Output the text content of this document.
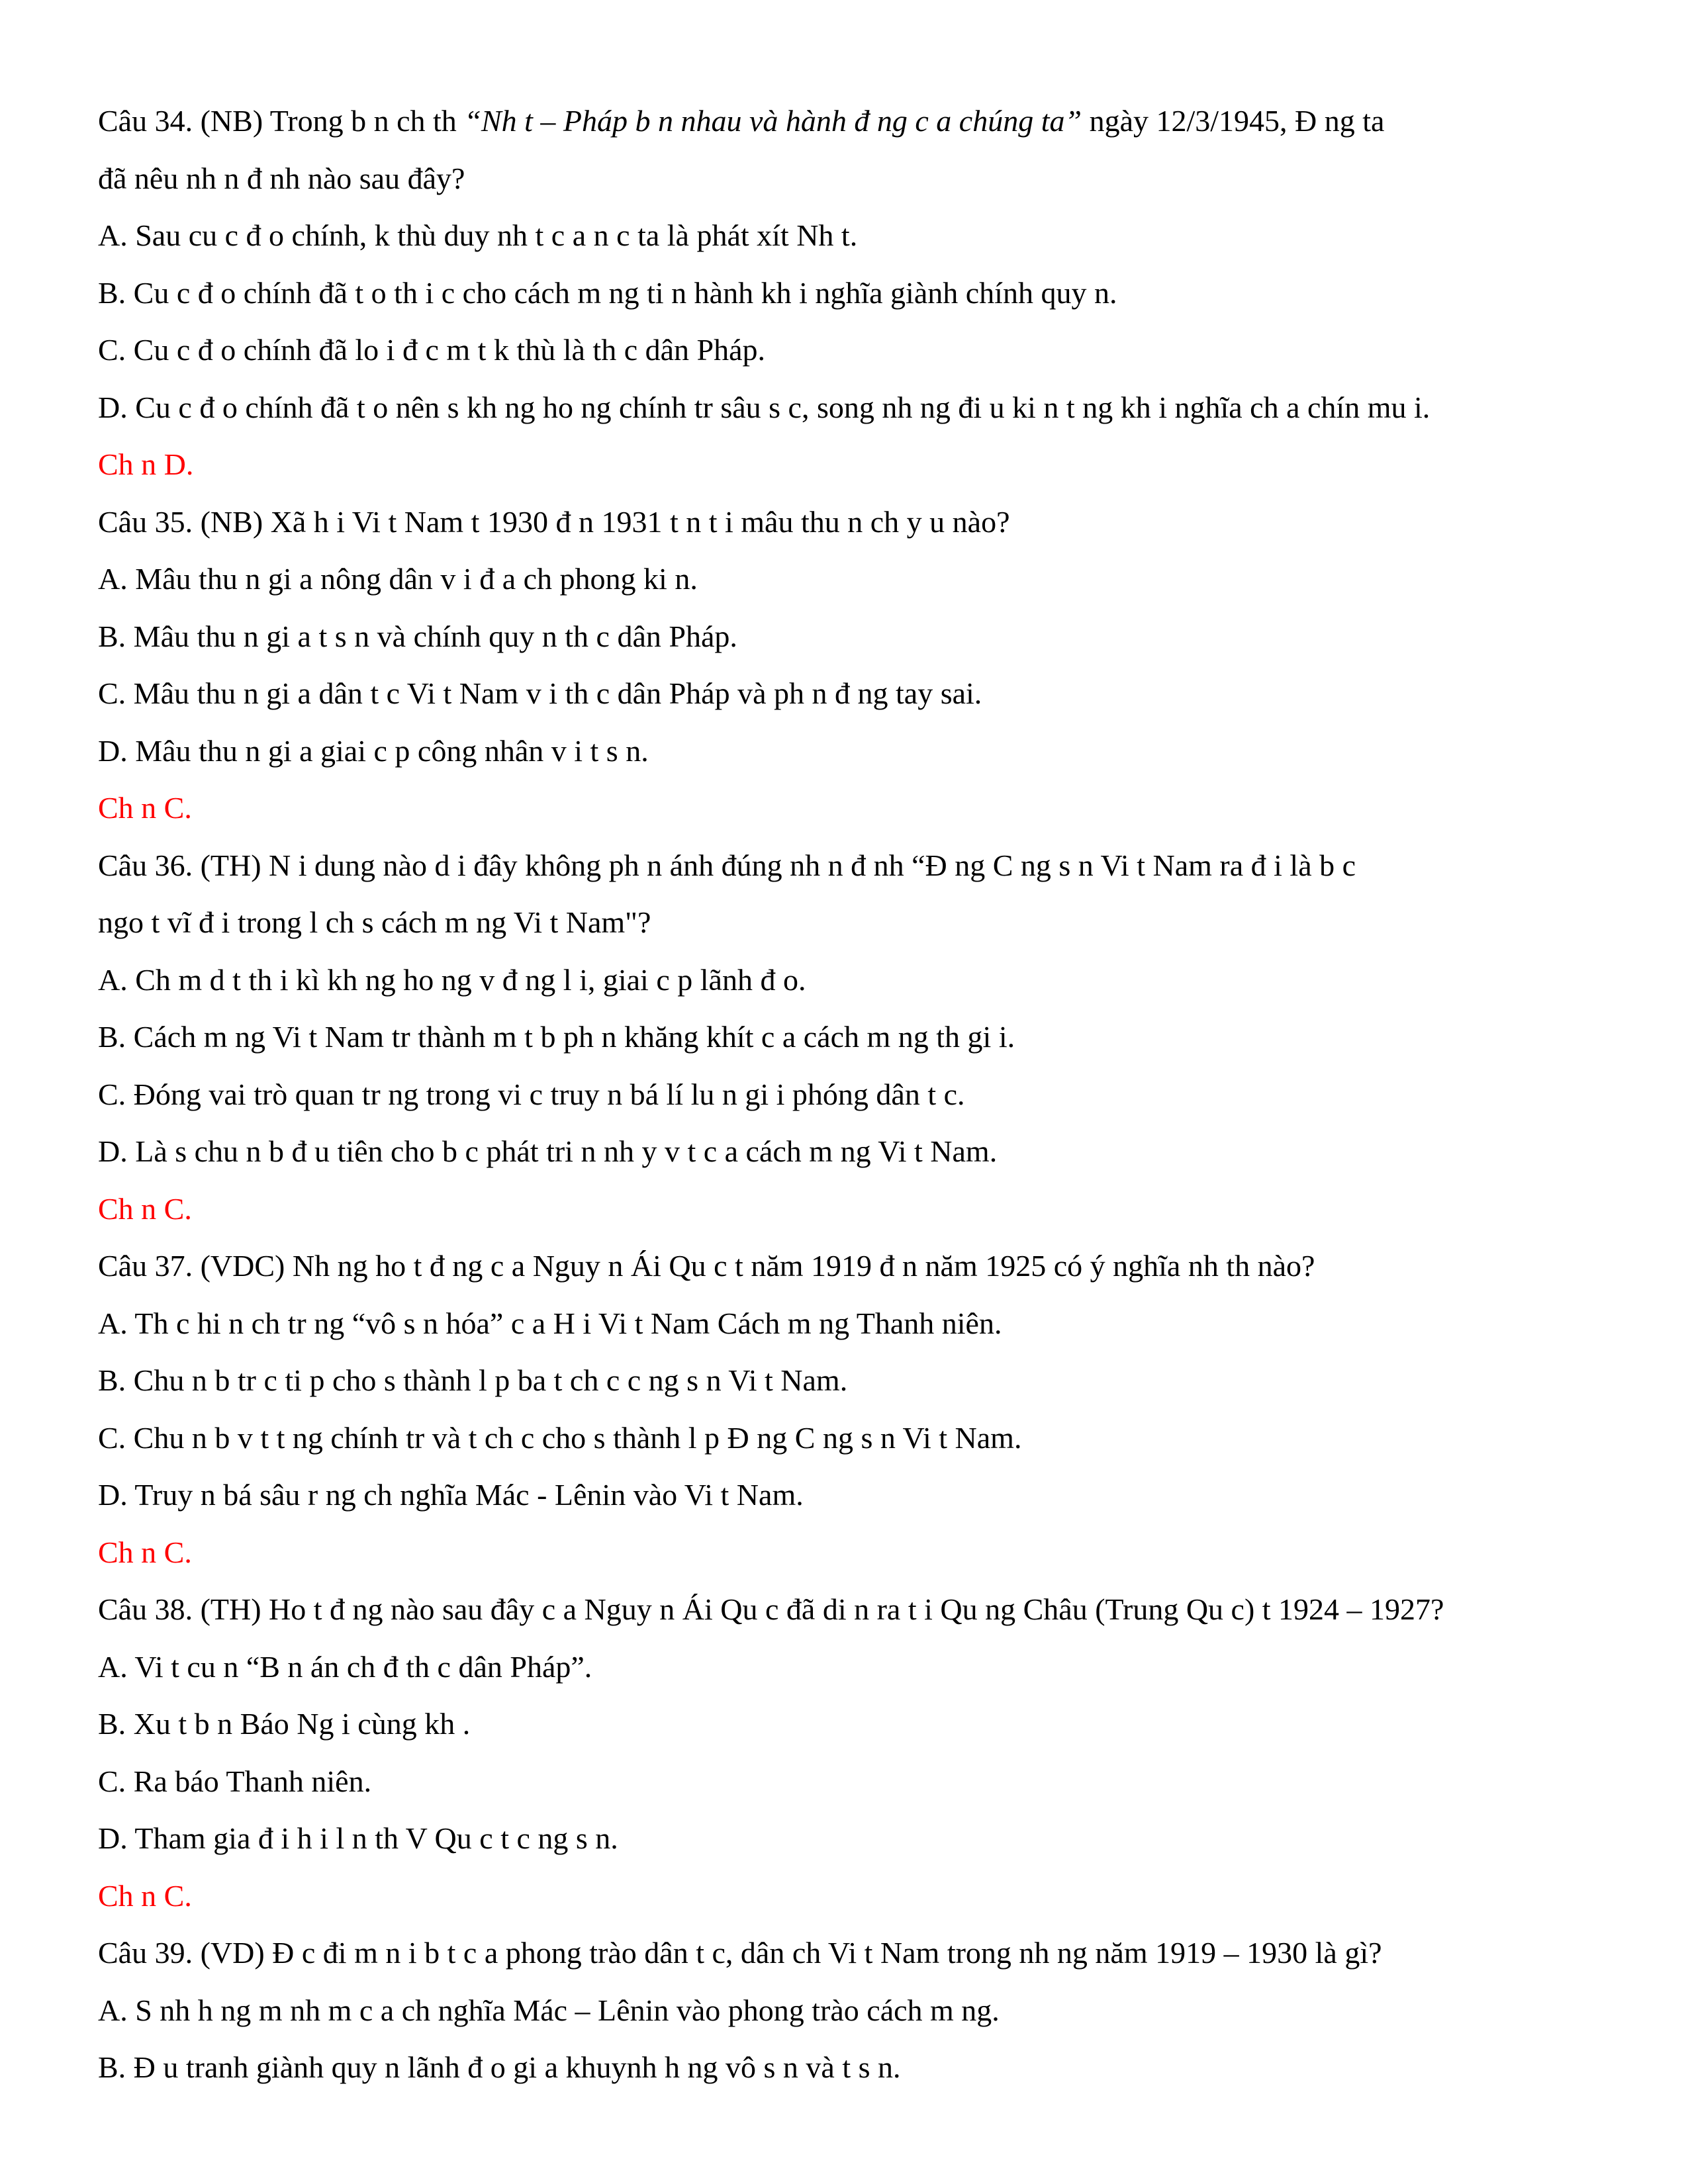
Câu 34. (NB) Trong b n ch th “Nh t – Pháp b n nhau và hành đ ng c a chúng ta” ngày 12/3/1945, Đ ng ta
đã nêu nh n đ nh nào sau đây?
A. Sau cu c đ o chính, k thù duy nh t c a n c ta là phát xít Nh t.
B. Cu c đ o chính đã t o th i c cho cách m ng ti n hành kh i nghĩa giành chính quy n.
C. Cu c đ o chính đã lo i đ c m t k thù là th c dân Pháp.
D. Cu c đ o chính đã t o nên s kh ng ho ng chính tr sâu s c, song nh ng đi u ki n t ng kh i nghĩa ch a chín mu i.
Ch n D.
Câu 35. (NB) Xã h i Vi t Nam t 1930 đ n 1931 t n t i mâu thu n ch y u nào?
A. Mâu thu n gi a nông dân v i đ a ch phong ki n.
B. Mâu thu n gi a t s n và chính quy n th c dân Pháp.
C. Mâu thu n gi a dân t c Vi t Nam v i th c dân Pháp và ph n đ ng tay sai.
D. Mâu thu n gi a giai c p công nhân v i t s n.
Ch n C.
Câu 36. (TH) N i dung nào d i đây không ph n ánh đúng nh n đ nh “Đ ng C ng s n Vi t Nam ra đ i là b c
ngo t vĩ đ i trong l ch s cách m ng Vi t Nam"?
A. Ch m d t th i kì kh ng ho ng v đ ng l i, giai c p lãnh đ o.
B. Cách m ng Vi t Nam tr thành m t b ph n khăng khít c a cách m ng th gi i.
C. Đóng vai trò quan tr ng trong vi c truy n bá lí lu n gi i phóng dân t c.
D. Là s chu n b đ u tiên cho b c phát tri n nh y v t c a cách m ng Vi t Nam.
Ch n C.
Câu 37. (VDC) Nh ng ho t đ ng c a Nguy n Ái Qu c t năm 1919 đ n năm 1925 có ý nghĩa nh th nào?
A. Th c hi n ch tr ng “vô s n hóa” c a H i Vi t Nam Cách m ng Thanh niên.
B. Chu n b tr c ti p cho s thành l p ba t ch c c ng s n Vi t Nam.
C. Chu n b v t t ng chính tr và t ch c cho s thành l p Đ ng C ng s n Vi t Nam.
D. Truy n bá sâu r ng ch nghĩa Mác - Lênin vào Vi t Nam.
Ch n C.
Câu 38. (TH) Ho t đ ng nào sau đây c a Nguy n Ái Qu c đã di n ra t i Qu ng Châu (Trung Qu c) t 1924 – 1927?
A. Vi t cu n “B n án ch đ th c dân Pháp”.
B. Xu t b n Báo Ng i cùng kh .
C. Ra báo Thanh niên.
D. Tham gia đ i h i l n th V Qu c t c ng s n.
Ch n C.
Câu 39. (VD) Đ c đi m n i b t c a phong trào dân t c, dân ch Vi t Nam trong nh ng năm 1919 – 1930 là gì?
A. S nh h ng m nh m c a ch nghĩa Mác – Lênin vào phong trào cách m ng.
B. Đ u tranh giành quy n lãnh đ o gi a khuynh h ng vô s n và t s n.
